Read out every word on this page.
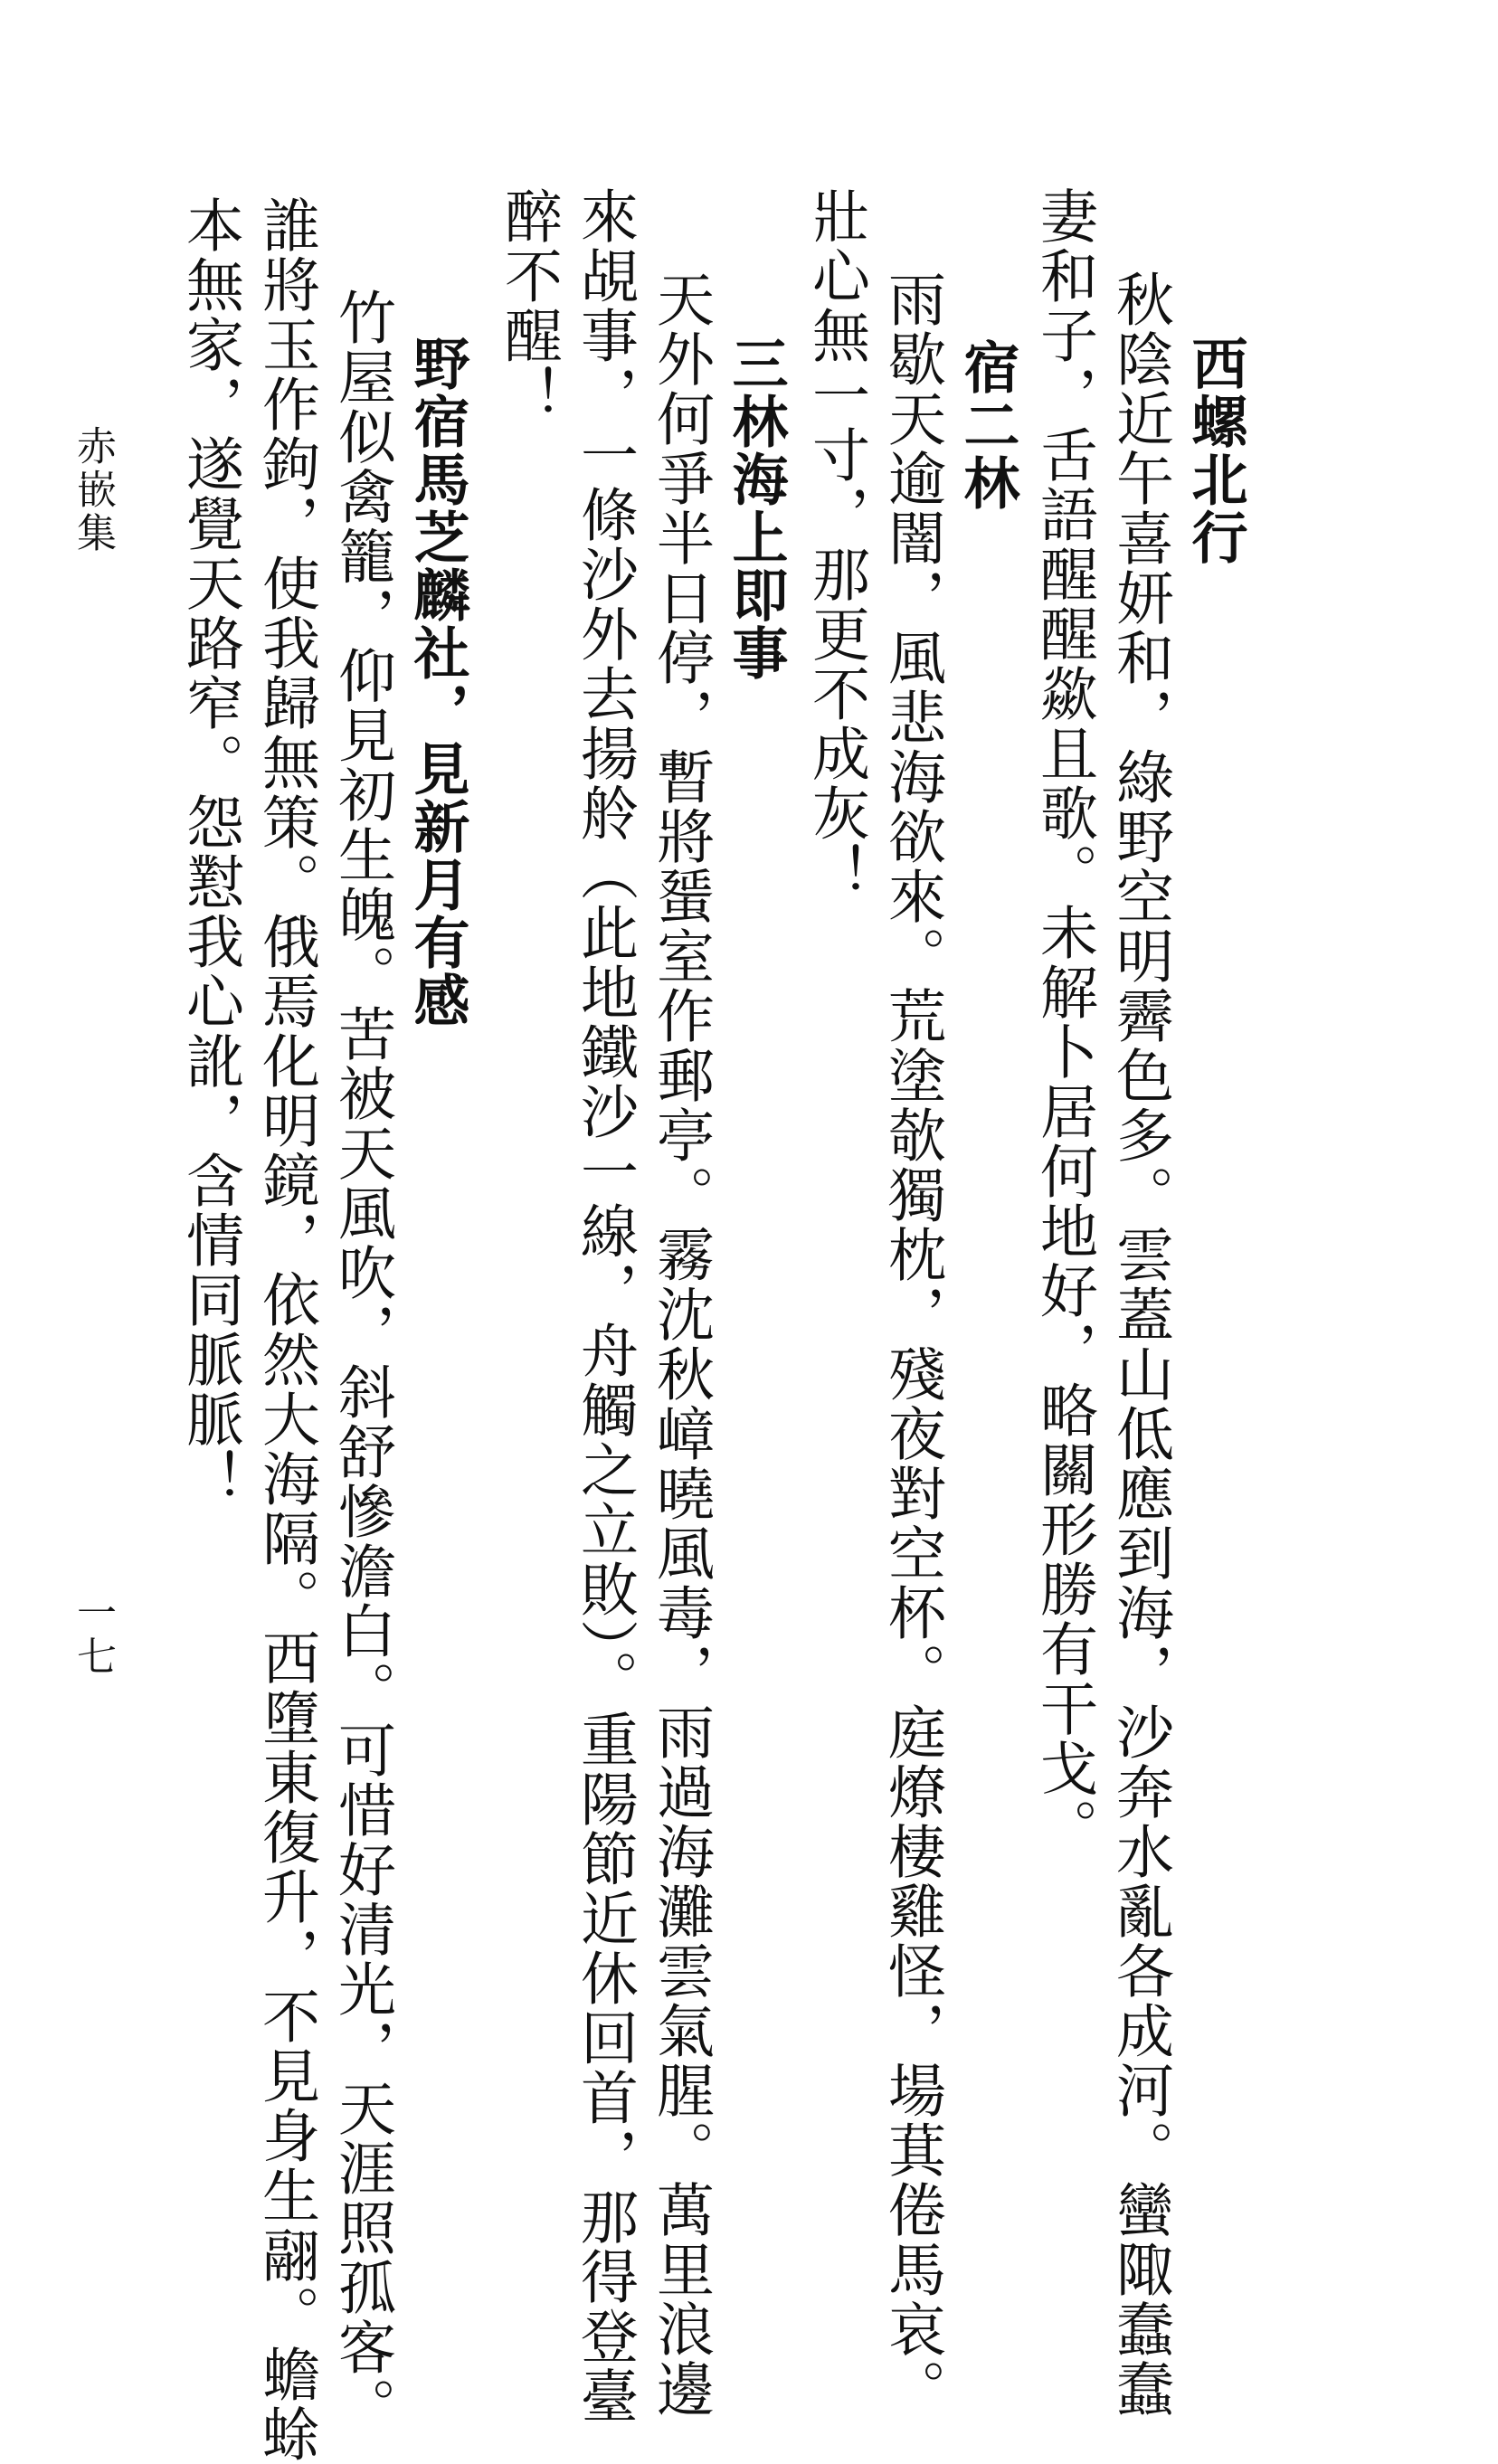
西螺北行
秋陰近午喜妍和，綠野空明霽色多。雲蓋山低應到海，沙奔水亂各成河。蠻陬蠢蠢
妻和子，舌語醒醒歘且歌。未解卜居何地好，略關形勝有干戈。
宿二林
雨歇天逾闇，風悲海欲來。荒塗欹獨枕，殘夜對空杯。庭燎棲雞怪，場萁倦馬哀。
壯心無一寸，那更不成灰！
三林海上即事
天外何爭半日停，暫將蜑室作郵亭。霧沈秋嶂曉風毒，雨過海灘雲氣腥。萬里浪邊
來覘事，一條沙外去揚舲（此地鐵沙一線，舟觸之立敗）。重陽節近休回首，那得登臺
醉不醒！
野宿馬芝麟社，見新月有感
竹屋似禽籠，仰見初生魄。苦被天風吹，斜舒慘澹白。可惜好清光，天涯照孤客。
誰將玉作鉤，使我歸無策。俄焉化明鏡，依然大海隔。西墮東復升，不見身生翮。蟾蜍
本無家，遂覺天路窄。怨懟我心訛，含情同脈脈！
赤嵌集
一七
